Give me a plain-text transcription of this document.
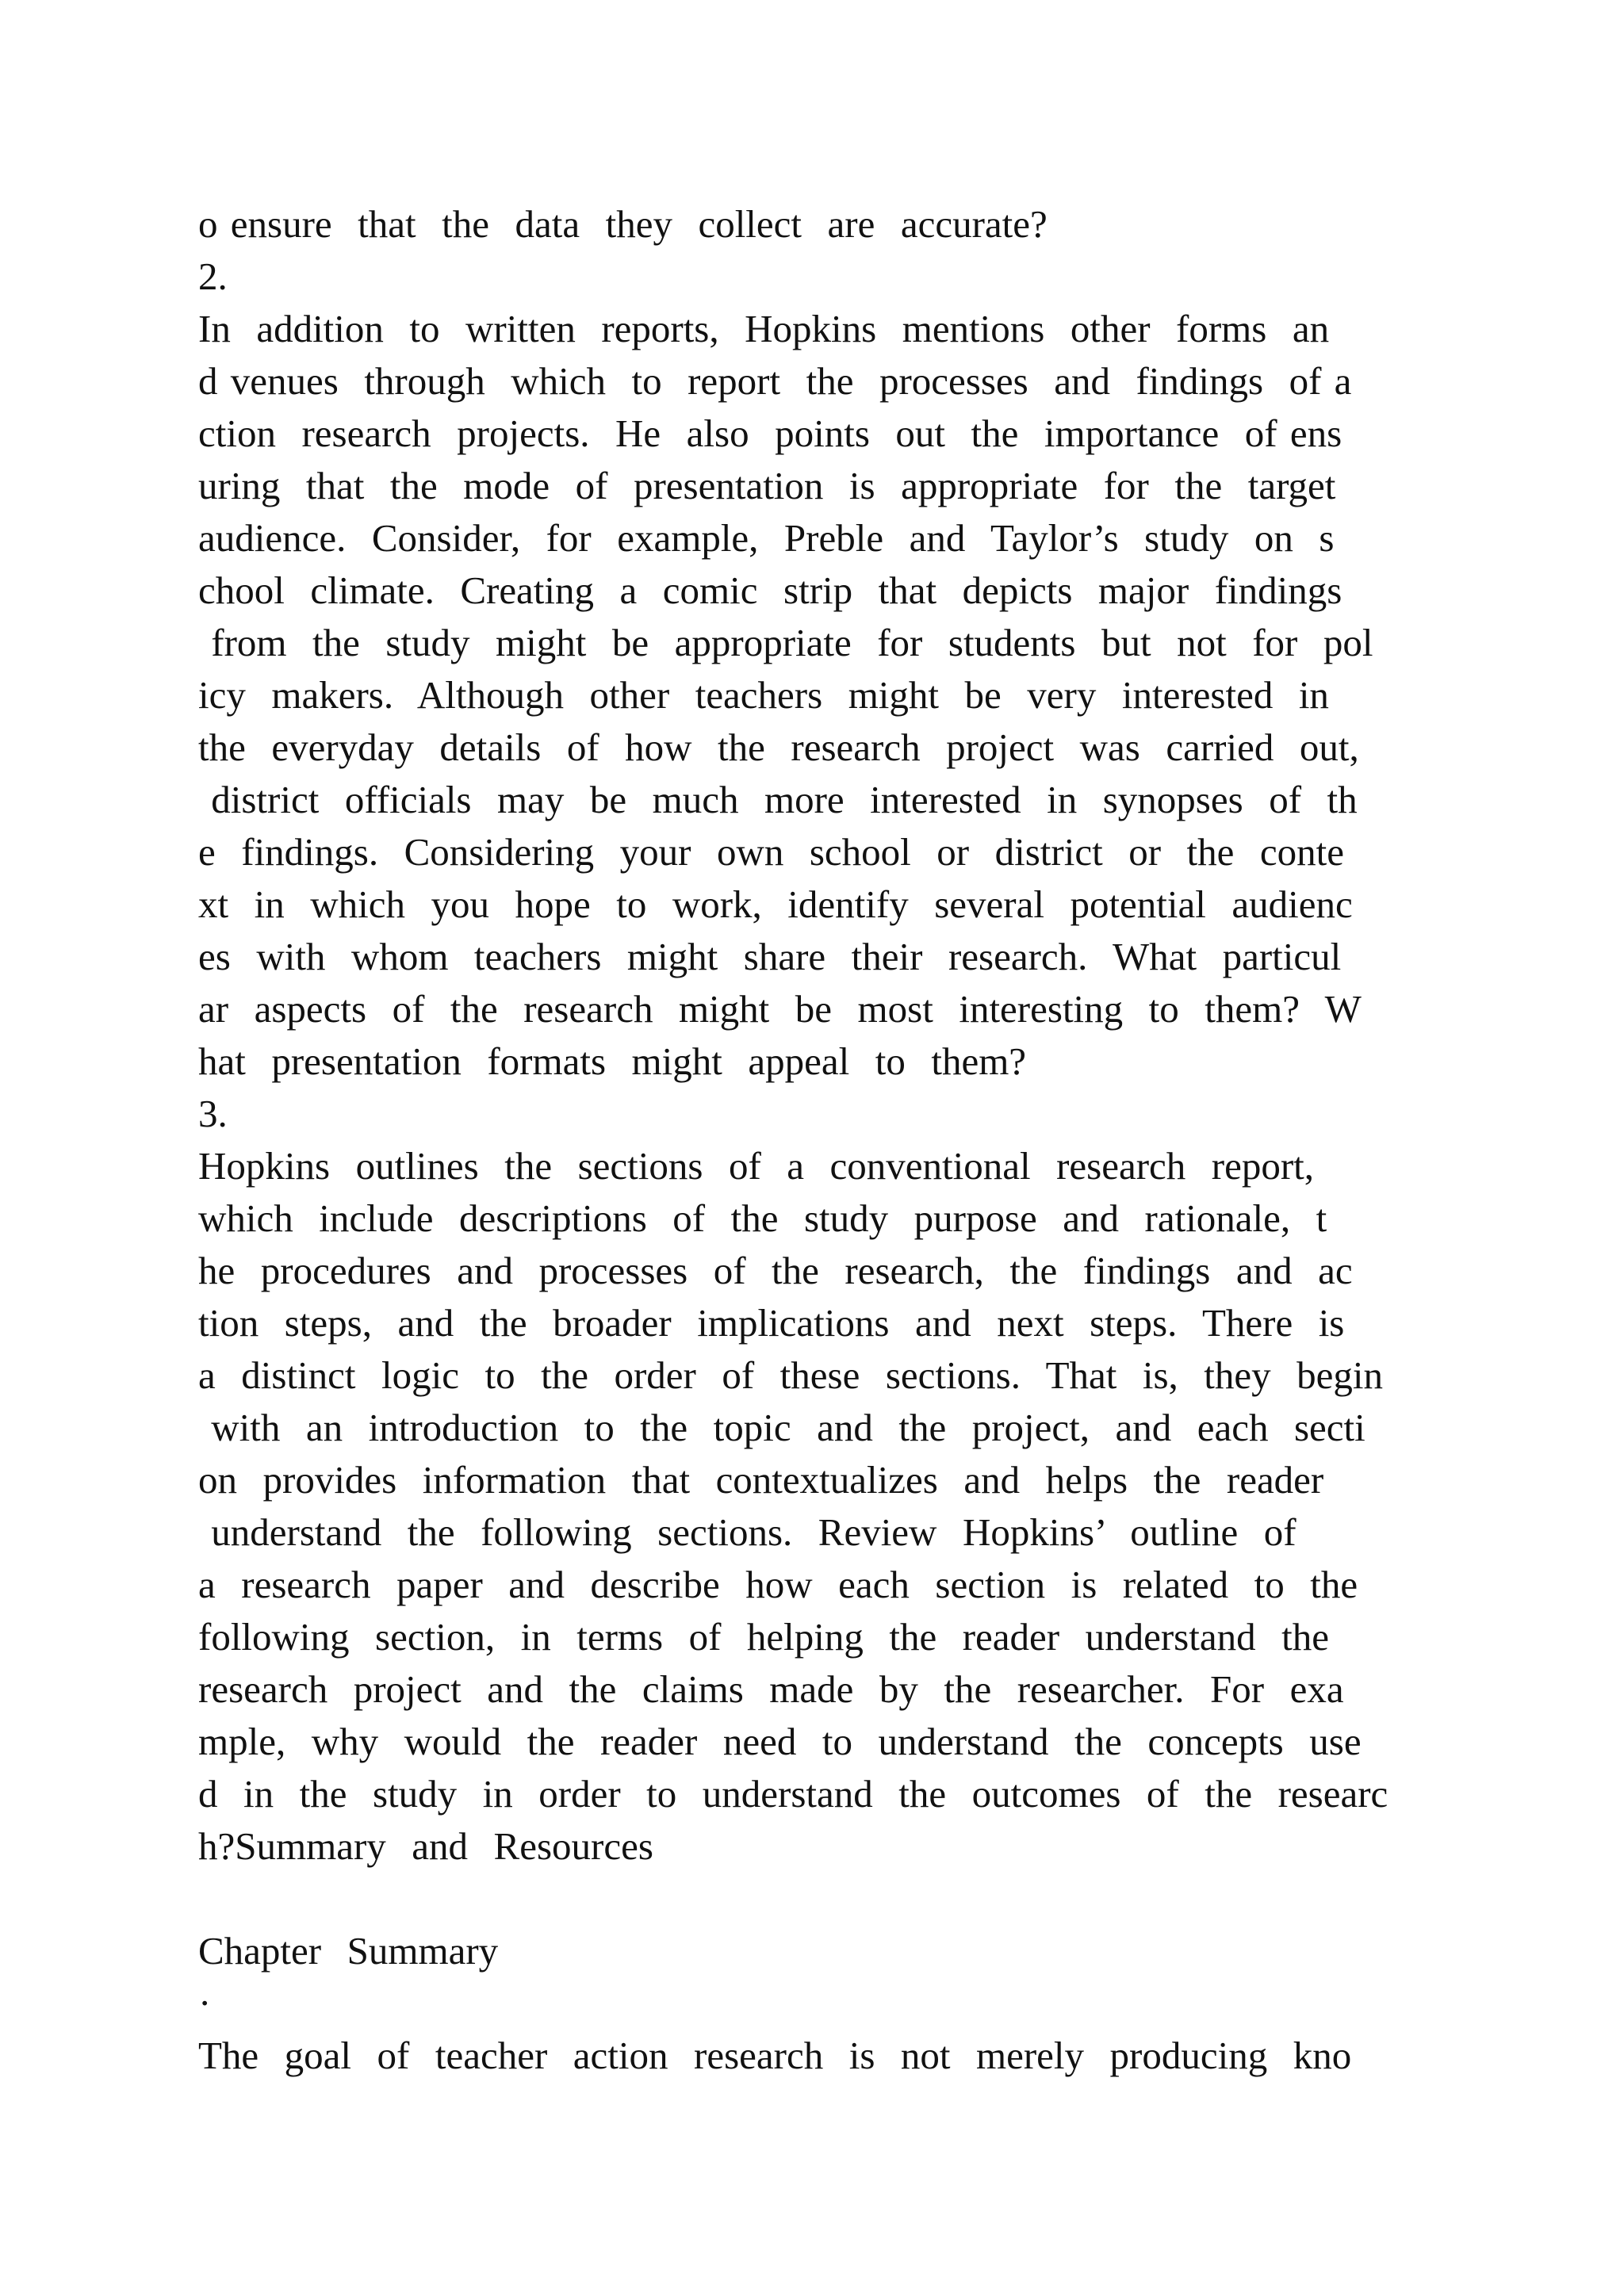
o ensure  that  the  data  they  collect  are  accurate?
2.
In  addition  to  written  reports,  Hopkins  mentions  other  forms  an
d venues  through  which  to  report  the  processes  and  findings  of a
ction  research  projects.  He  also  points  out  the  importance  of ens
uring  that  the  mode  of  presentation  is  appropriate  for  the  target
audience.  Consider,  for  example,  Preble  and  Taylor’s  study  on  s
chool  climate.  Creating  a  comic  strip  that  depicts  major  findings
from  the  study  might  be  appropriate  for  students  but  not  for  pol
icy  makers.  Although  other  teachers  might  be  very  interested  in
the  everyday  details  of  how  the  research  project  was  carried  out,
district  officials  may  be  much  more  interested  in  synopses  of  th
e  findings.  Considering  your  own  school  or  district  or  the  conte
xt  in  which  you  hope  to  work,  identify  several  potential  audienc
es  with  whom  teachers  might  share  their  research.  What  particul
ar  aspects  of  the  research  might  be  most  interesting  to  them?  W
hat  presentation  formats  might  appeal  to  them?
3.
Hopkins  outlines  the  sections  of  a  conventional  research  report,
which  include  descriptions  of  the  study  purpose  and  rationale,  t
he  procedures  and  processes  of  the  research,  the  findings  and  ac
tion  steps,  and  the  broader  implications  and  next  steps.  There  is
a  distinct  logic  to  the  order  of  these  sections.  That  is,  they  begin
with  an  introduction  to  the  topic  and  the  project,  and  each  secti
on  provides  information  that  contextualizes  and  helps  the  reader
understand  the  following  sections.  Review  Hopkins’  outline  of
a  research  paper  and  describe  how  each  section  is  related  to  the
following  section,  in  terms  of  helping  the  reader  understand  the
research  project  and  the  claims  made  by  the  researcher.  For  exa
mple,  why  would  the  reader  need  to  understand  the  concepts  use
d  in  the  study  in  order  to  understand  the  outcomes  of  the  researc
h?Summary  and  Resources
Chapter  Summary
·
The  goal  of  teacher  action  research  is  not  merely  producing  kno
